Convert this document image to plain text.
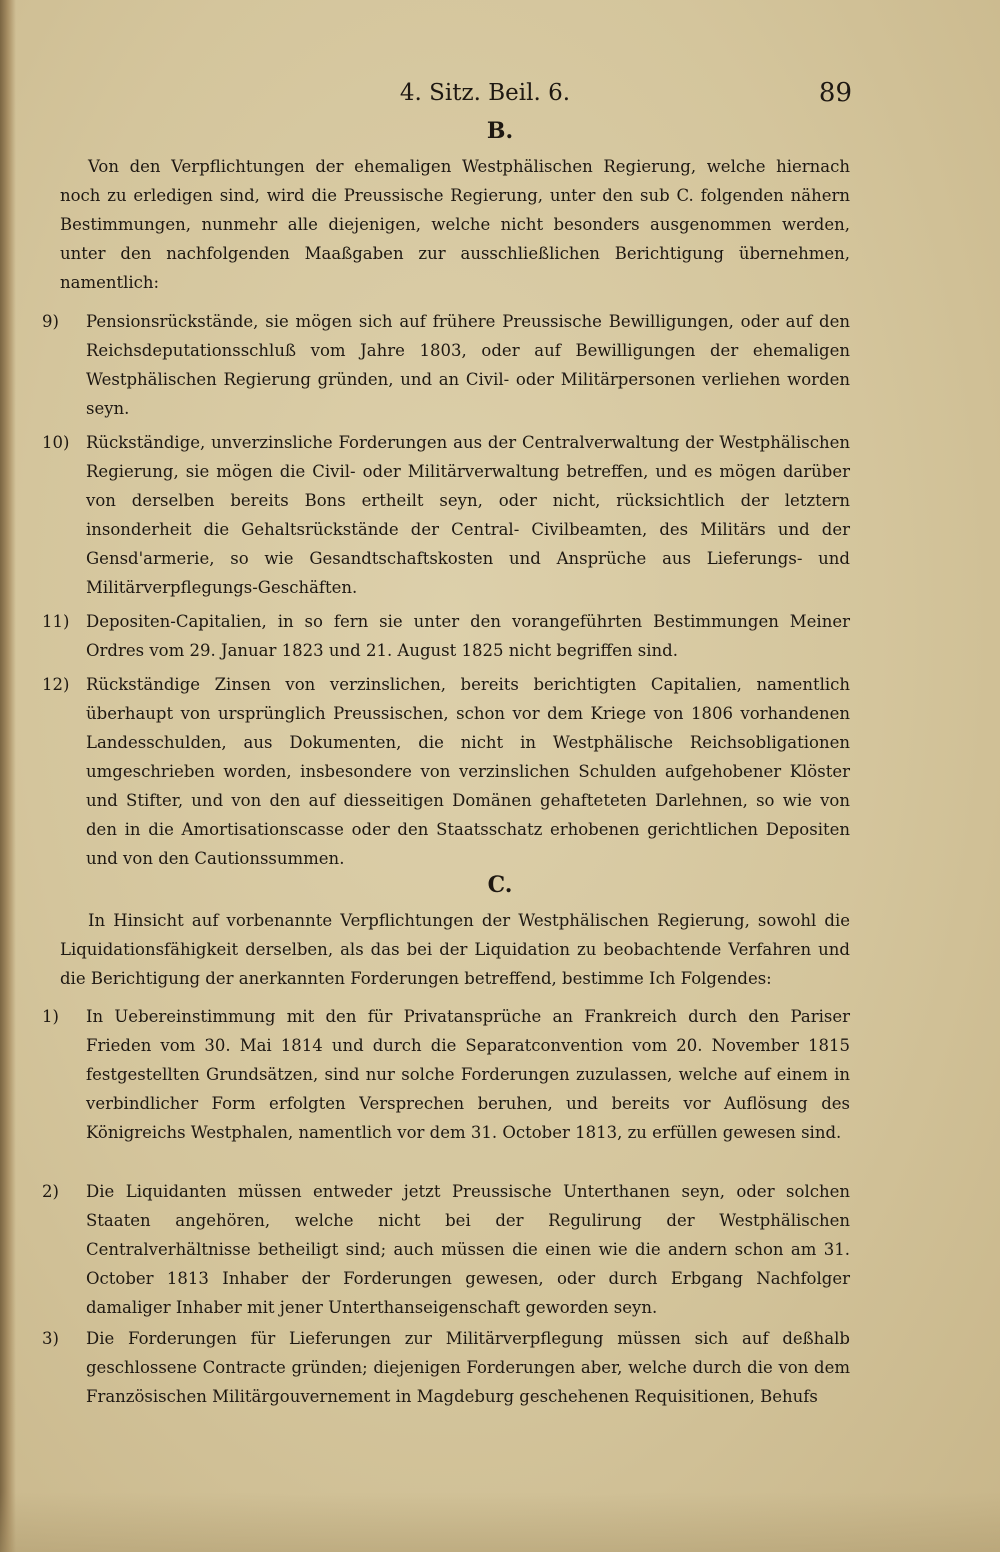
4. Sitz. Beil. 6.	89
B.

Von den Verpflichtungen der ehemaligen Westphälischen Regierung, welche hiernach noch zu erledigen sind, wird die Preussische Regierung, unter den sub C. folgenden nähern Bestimmungen, nunmehr alle diejenigen, welche nicht besonders ausgenommen werden, unter den nachfolgenden Maaßgaben zur ausschließlichen Berichtigung übernehmen, namentlich:

9)	Pensionsrückstände, sie mögen sich auf frühere Preussische Bewilligungen, oder auf den Reichsdeputationsschluß vom Jahre 1803, oder auf Bewilligungen der ehemaligen Westphälischen Regierung gründen, und an Civil- oder Militärpersonen verliehen worden seyn.
10)	Rückständige, unverzinsliche Forderungen aus der Centralverwaltung der Westphälischen Regierung, sie mögen die Civil- oder Militärverwaltung betreffen, und es mögen darüber von derselben bereits Bons ertheilt seyn, oder nicht, rücksichtlich der letztern insonderheit die Gehaltsrückstände der Central- Civilbeamten, des Militärs und der Gensd'armerie, so wie Gesandtschaftskosten und Ansprüche aus Lieferungs- und Militärverpflegungs-Geschäften.
11)	Depositen-Capitalien, in so fern sie unter den vorangeführten Bestimmungen Meiner Ordres vom 29. Januar 1823 und 21. August 1825 nicht begriffen sind.
12)	Rückständige Zinsen von verzinslichen, bereits berichtigten Capitalien, namentlich überhaupt von ursprünglich Preussischen, schon vor dem Kriege von 1806 vorhandenen Landesschulden, aus Dokumenten, die nicht in Westphälische Reichsobligationen umgeschrieben worden, insbesondere von verzinslichen Schulden aufgehobener Klöster und Stifter, und von den auf diesseitigen Domänen gehafteteten Darlehnen, so wie von den in die Amortisationscasse oder den Staatsschatz erhobenen gerichtlichen Depositen und von den Cautionssummen.
C.

In Hinsicht auf vorbenannte Verpflichtungen der Westphälischen Regierung, sowohl die Liquidationsfähigkeit derselben, als das bei der Liquidation zu beobachtende Verfahren und die Berichtigung der anerkannten Forderungen betreffend, bestimme Ich Folgendes:

1)	In Uebereinstimmung mit den für Privatansprüche an Frankreich durch den Pariser Frieden vom 30. Mai 1814 und durch die Separatconvention vom 20. November 1815 festgestellten Grundsätzen, sind nur solche Forderungen zuzulassen, welche auf einem in verbindlicher Form erfolgten Versprechen beruhen, und bereits vor Auflösung des Königreichs Westphalen, namentlich vor dem 31. October 1813, zu erfüllen gewesen sind.
2)	Die Liquidanten müssen entweder jetzt Preussische Unterthanen seyn, oder solchen Staaten angehören, welche nicht bei der Regulirung der Westphälischen Centralverhältnisse betheiligt sind; auch müssen die einen wie die andern schon am 31. October 1813 Inhaber der Forderungen gewesen, oder durch Erbgang Nachfolger damaliger Inhaber mit jener Unterthanseigenschaft geworden seyn.
3)	Die Forderungen für Lieferungen zur Militärverpflegung müssen sich auf deßhalb geschlossene Contracte gründen; diejenigen Forderungen aber, welche durch die von dem Französischen Militärgouvernement in Magdeburg geschehenen Requisitionen, Behufs
